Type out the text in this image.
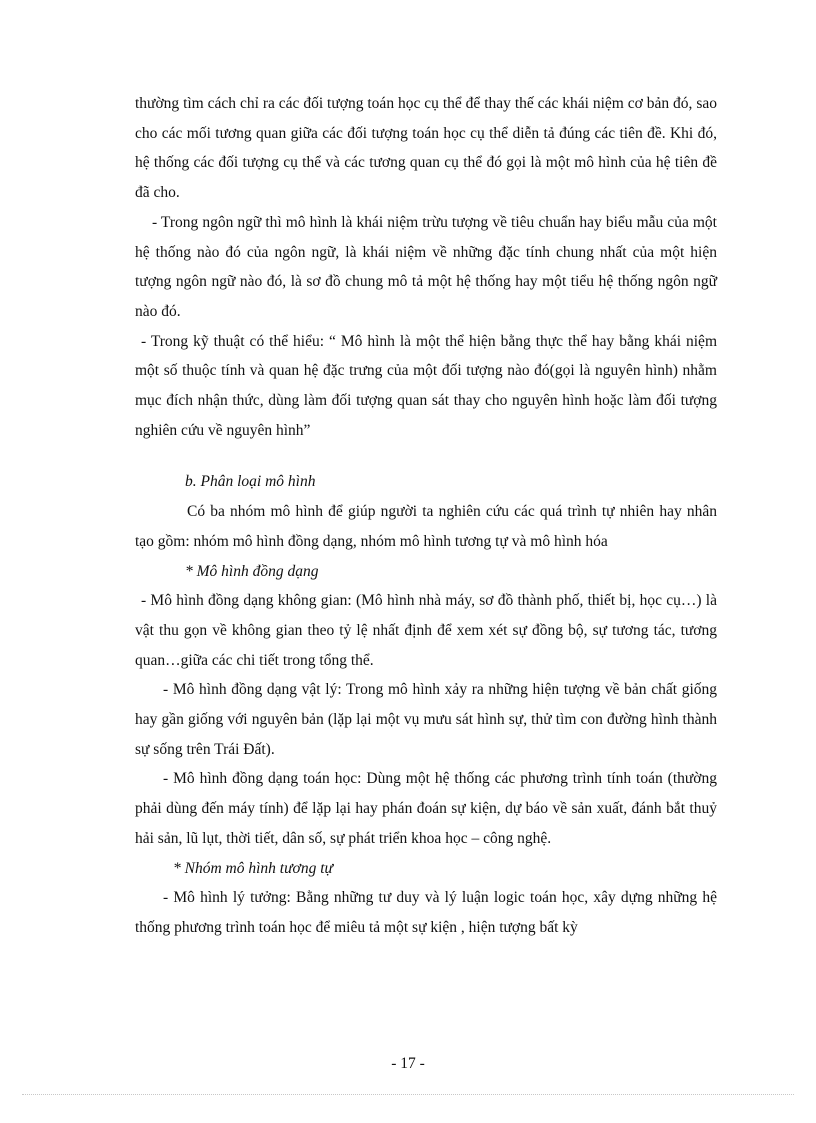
thường tìm cách chỉ ra các đối tượng toán học cụ thể để thay thế các khái niệm cơ bản đó, sao cho các mối tương quan giữa các đối tượng toán học cụ thể diễn tả đúng các tiên đề. Khi đó, hệ thống các đối tượng cụ thể và các tương quan cụ thể đó gọi là một mô hình của hệ tiên đề đã cho.

- Trong ngôn ngữ thì mô hình là khái niệm trừu tượng về tiêu chuẩn hay biểu mẫu của một hệ thống nào đó của ngôn ngữ, là khái niệm về những đặc tính chung nhất của một hiện tượng ngôn ngữ nào đó, là sơ đồ chung mô tả một hệ thống hay một tiểu hệ thống ngôn ngữ nào đó.

- Trong kỹ thuật có thể hiểu: “ Mô hình là một thể hiện bằng thực thể hay bằng khái niệm một số thuộc tính và quan hệ đặc trưng của một đối tượng nào đó(gọi là nguyên hình) nhằm mục đích nhận thức, dùng làm đối tượng quan sát thay cho nguyên hình hoặc làm đối tượng nghiên cứu về nguyên hình”

b. Phân loại mô hình

Có ba nhóm mô hình để giúp người ta nghiên cứu các quá trình tự nhiên hay nhân tạo gồm: nhóm mô hình đồng dạng, nhóm mô hình tương tự và mô hình hóa

* Mô hình đồng dạng

- Mô hình đồng dạng không gian: (Mô hình nhà máy, sơ đồ thành phố, thiết bị, học cụ…) là vật thu gọn về không gian theo tỷ lệ nhất định để xem xét sự đồng bộ, sự tương tác, tương quan…giữa các chi tiết trong tổng thể.

- Mô hình đồng dạng vật lý: Trong mô hình xảy ra những hiện tượng về bản chất giống hay gần giống với nguyên bản (lặp lại một vụ mưu sát hình sự, thử tìm con đường hình thành sự sống trên Trái Đất).

- Mô hình đồng dạng toán học: Dùng một hệ thống các phương trình tính toán (thường phải dùng đến máy tính) để lặp lại hay phán đoán sự kiện, dự báo về sản xuất, đánh bắt thuỷ hải sản, lũ lụt, thời tiết, dân số, sự phát triển khoa học – công nghệ.

* Nhóm mô hình tương tự

- Mô hình lý tưởng: Bằng những tư duy và lý luận logic toán học, xây dựng những hệ thống phương trình toán học để miêu tả một sự kiện , hiện tượng bất kỳ

- 17 -
